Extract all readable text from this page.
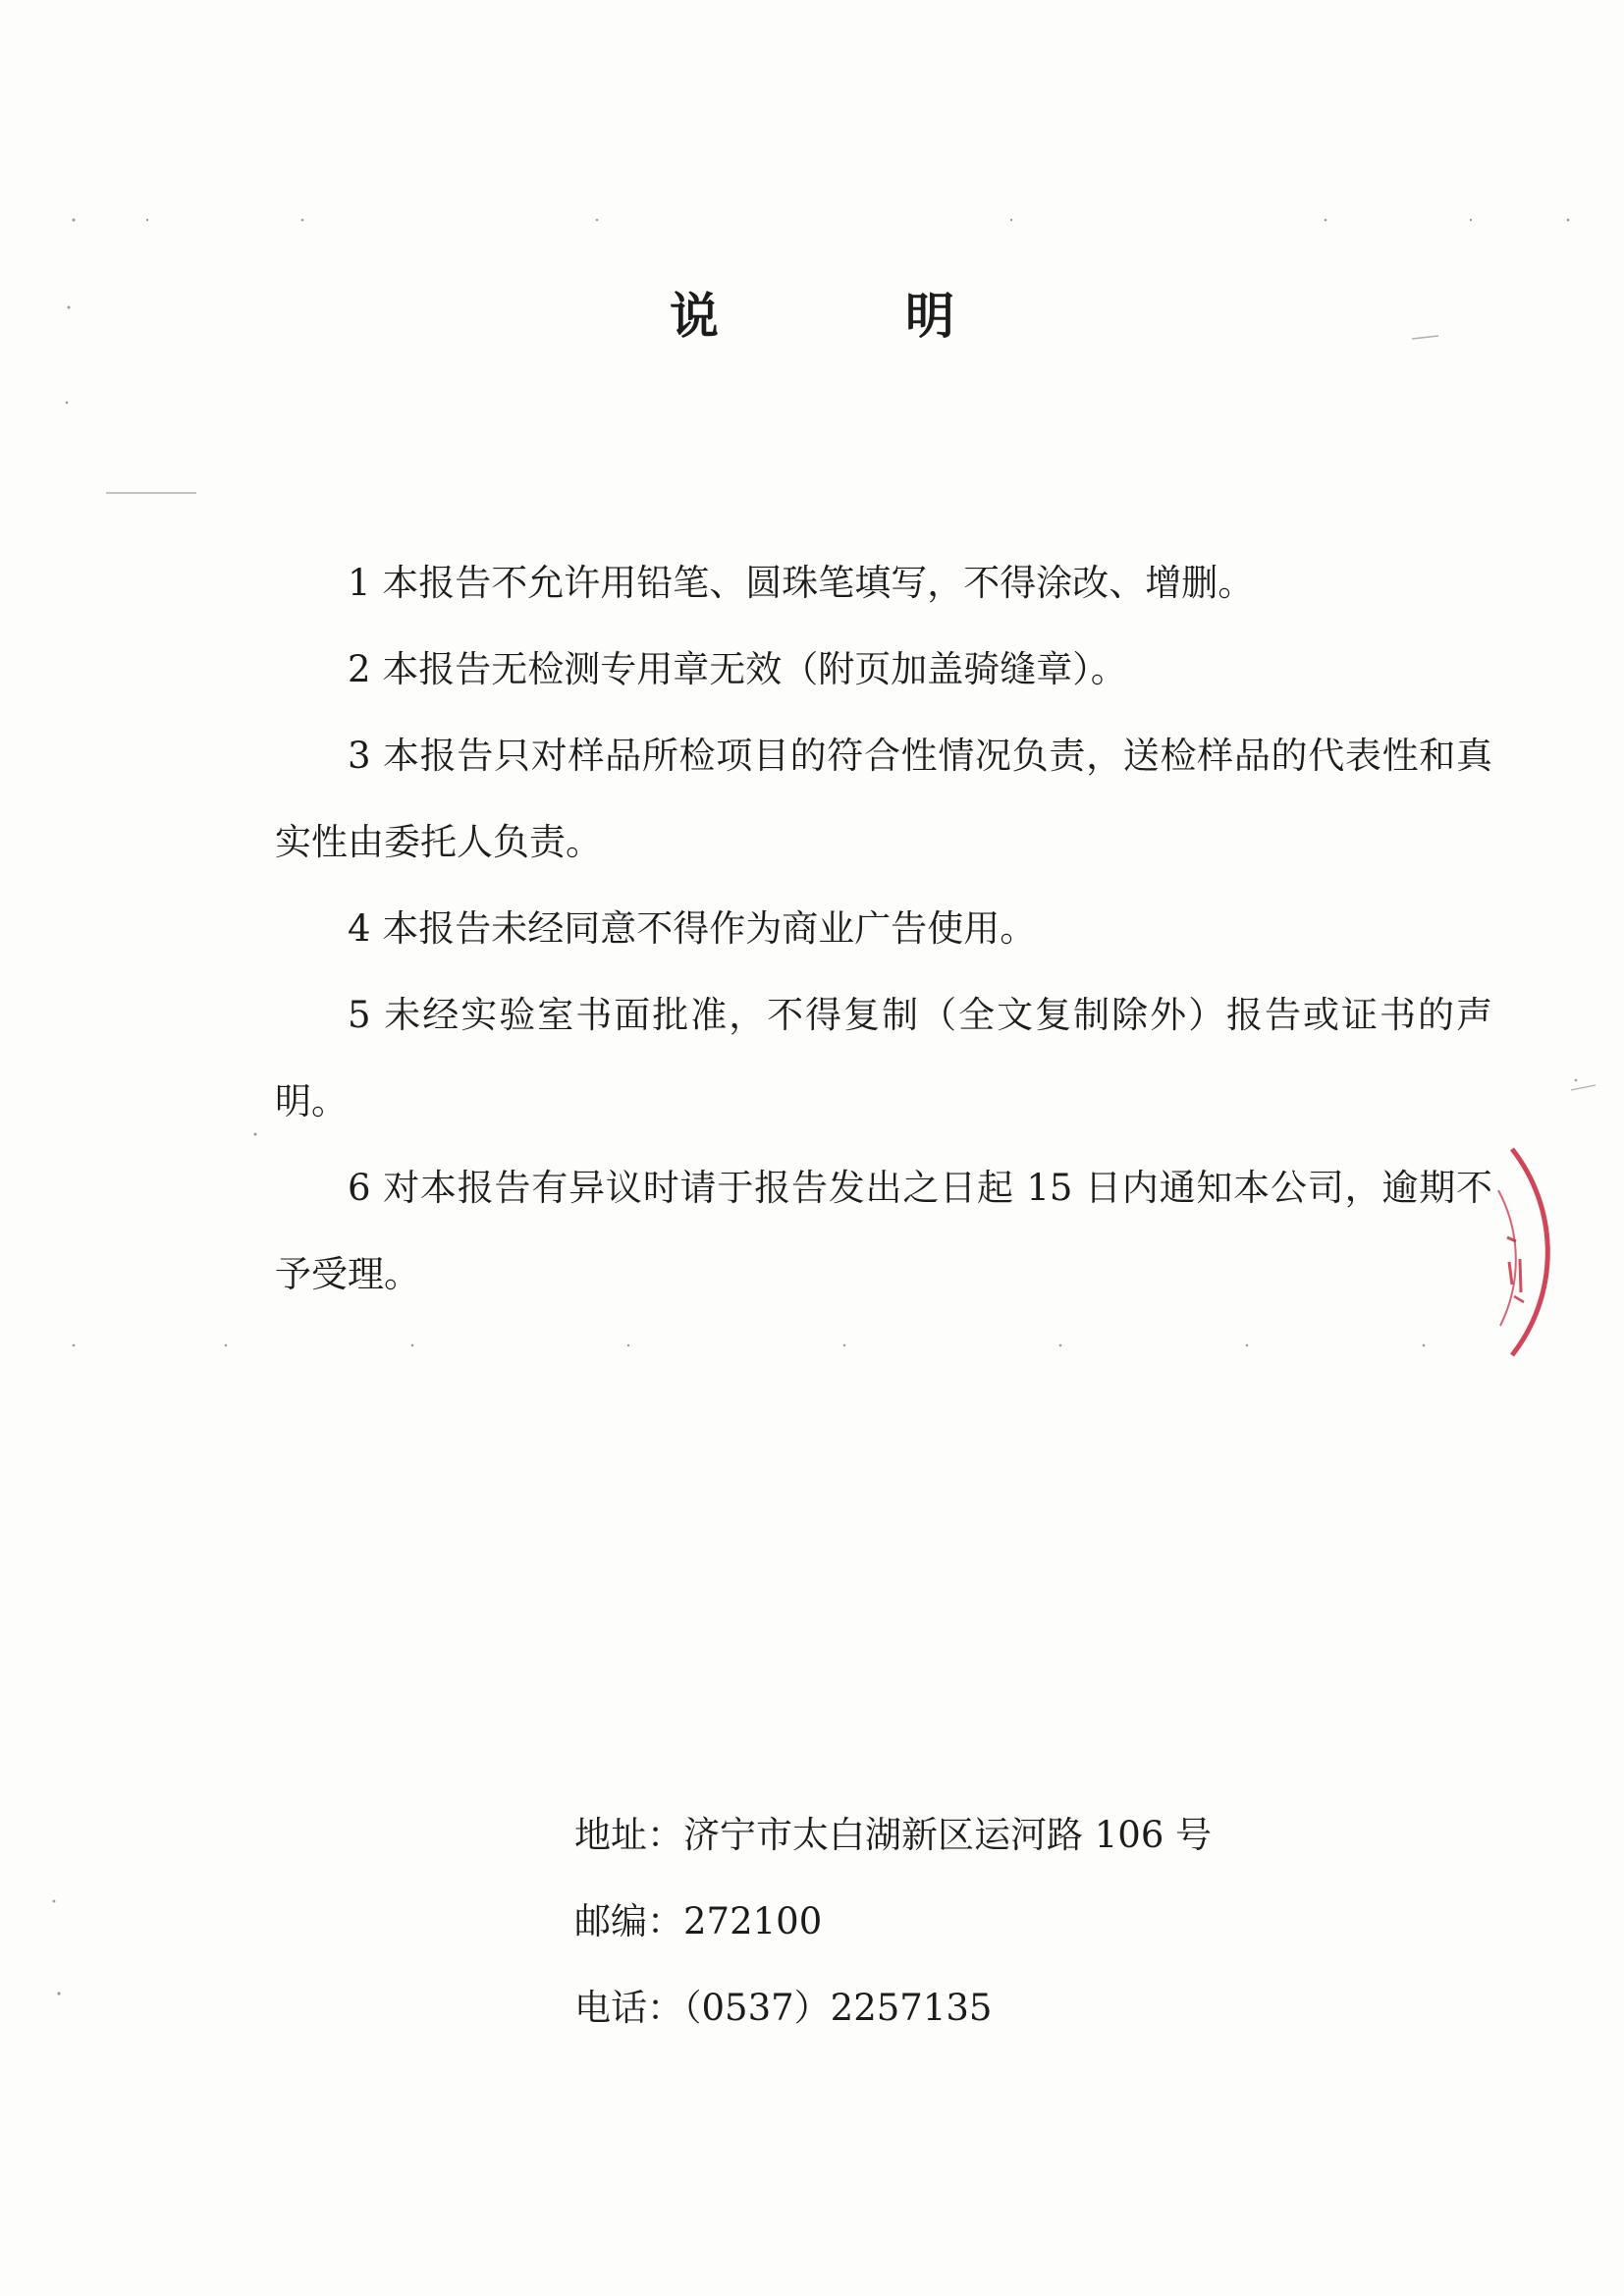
说明

1 本报告不允许用铅笔、圆珠笔填写，不得涂改、增删。

2 本报告无检测专用章无效（附页加盖骑缝章）。

3 本报告只对样品所检项目的符合性情况负责，送检样品的代表性和真实性由委托人负责。

4 本报告未经同意不得作为商业广告使用。

5 未经实验室书面批准，不得复制（全文复制除外）报告或证书的声明。

6 对本报告有异议时请于报告发出之日起 15 日内通知本公司，逾期不予受理。

地址：济宁市太白湖新区运河路 106 号

邮编：272100

电话：（0537）2257135
